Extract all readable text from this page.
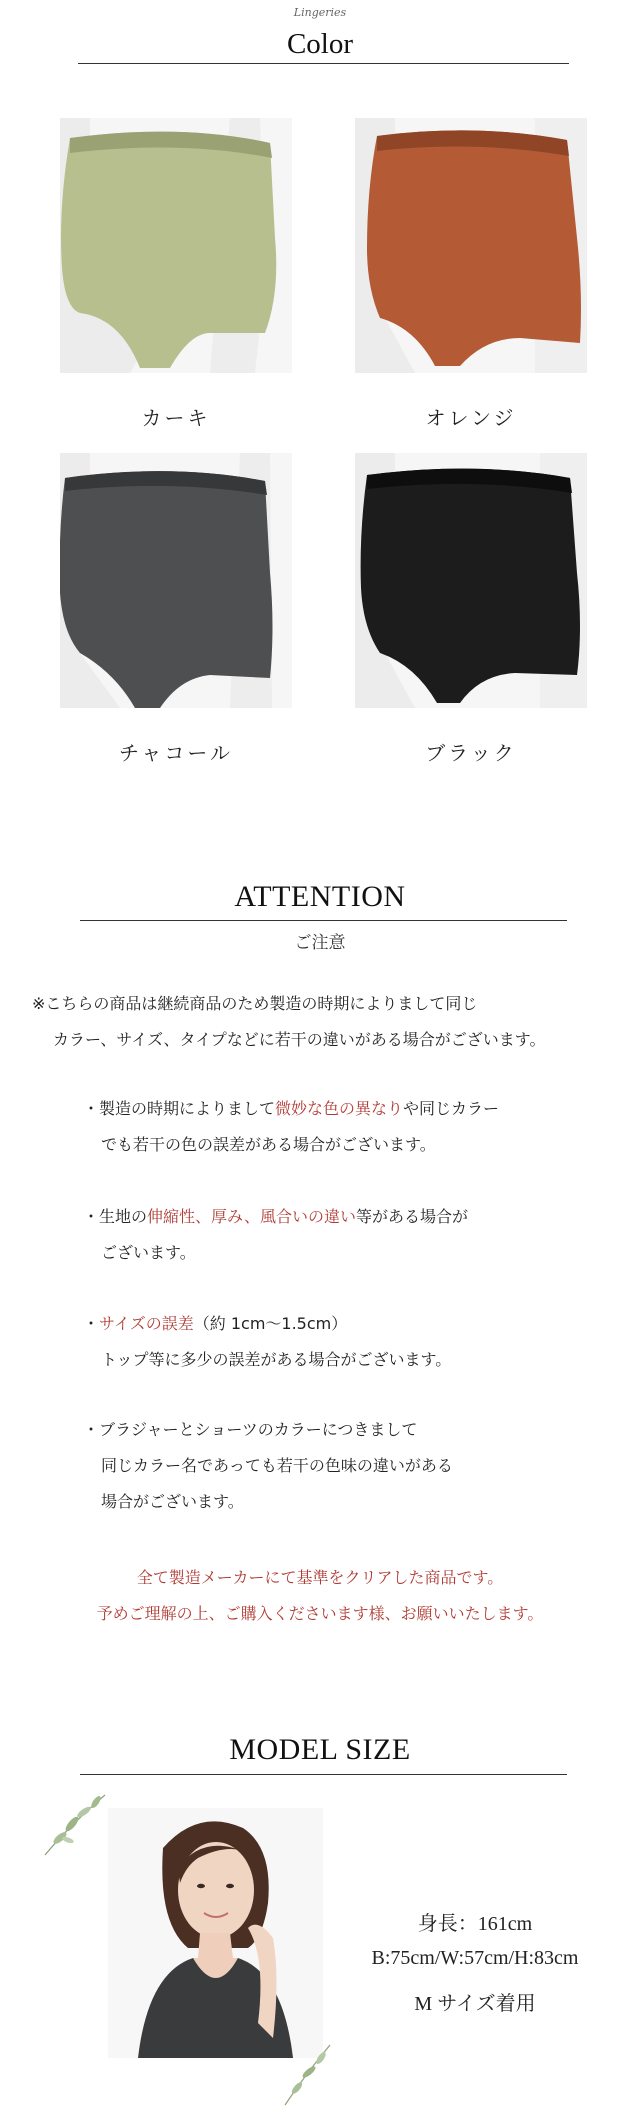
Lingeries
Color
カーキ	オレンジ
チャコール	ブラック
ATTENTION
ご注意
※こちらの商品は継続商品のため製造の時期によりまして同じ
カラー、サイズ、タイプなどに若干の違いがある場合がございます。
・製造の時期によりまして微妙な色の異なりや同じカラー
でも若干の色の誤差がある場合がございます。
・生地の伸縮性、厚み、風合いの違い等がある場合が
ございます。
・サイズの誤差（約 1cm〜1.5cm）
トップ等に多少の誤差がある場合がございます。
・ブラジャーとショーツのカラーにつきまして
同じカラー名であっても若干の色味の違いがある
場合がございます。
全て製造メーカーにて基準をクリアした商品です。
予めご理解の上、ご購入くださいます様、お願いいたします。
MODEL SIZE
身長：161cm
B:75cm/W:57cm/H:83cm
M サイズ着用
